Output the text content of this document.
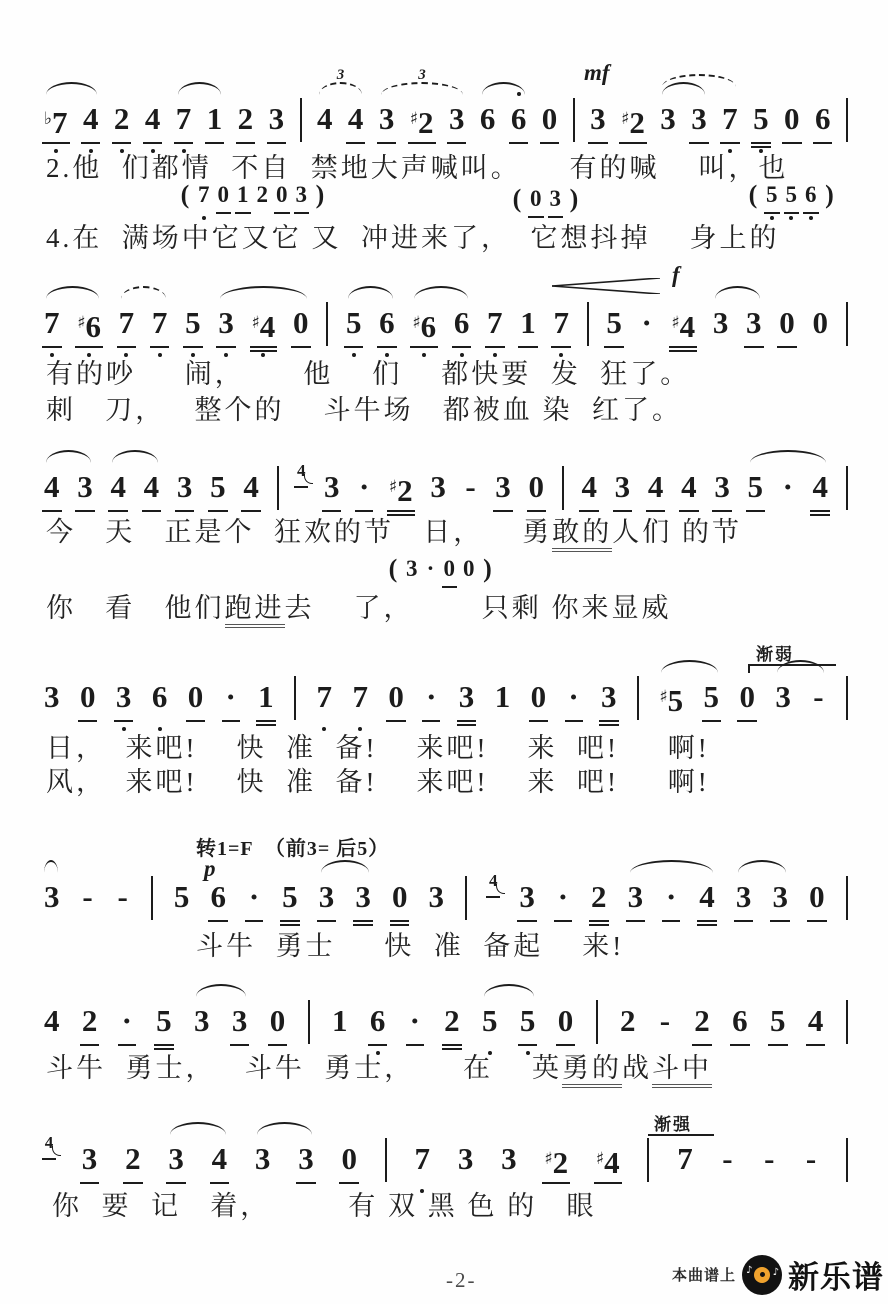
-2-	本曲谱上 ♪ ♪ 新乐谱
♭7 4 2 4 7 1 2 3 4 4 3 ♯2 3 6 6 0 3 ♯2 3 3 7 5 0 6
3	3	mf
( 7 0 1 2 0 3 )	( 0 3 )	( 5 5 6 )
2.他  们都情  不自  禁地大声喊叫。     有的喊    叫，也
4.在  满场中它又它 又  冲进来了，  它想抖掉    身上的
7 ♯6 7 7 5 3 ♯4 0 5 6 ♯6 6 7 1 7 5 · ♯4 3 3 0 0
f
有的吵     闹，      他    们    都快要  发  狂了。
刺   刀，   整个的    斗牛场   都被血 染  红了。
4 3 4 4 3 5 4 4 3 · ♯2 3 - 3 0 4 3 4 4 3 5 · 4
( 3 · 0 0 )
今   天   正是个  狂欢的节   日，    勇敢的人们 的节
你   看   他们跑进去    了，       只剩 你来显威
3 0 3 6 0 · 1 7 7 0 · 3 1 0 · 3	♯5 5 0 3 -
渐弱
日，  来吧!    快  准  备!    来吧!    来  吧!     啊!
风，  来吧!    快  准  备!    来吧!    来  吧!     啊!
3 - - 5 6 · 5 3 3 0 3	4 3 · 2 3 · 4 3 3 0
转1=F  （前3= 后5）
p
斗牛  勇士     快  准  备起    来!
4 2 · 5 3 3 0 1 6 · 2 5 5 0 2 - 2 6 5 4
斗牛  勇士，   斗牛  勇士，     在    英勇的战斗中
4 3 2 3 4 3 3 0 7 3 3 ♯2 ♯4 7 - - -
渐强
你  要  记   着，        有 双 黑 色 的   眼
